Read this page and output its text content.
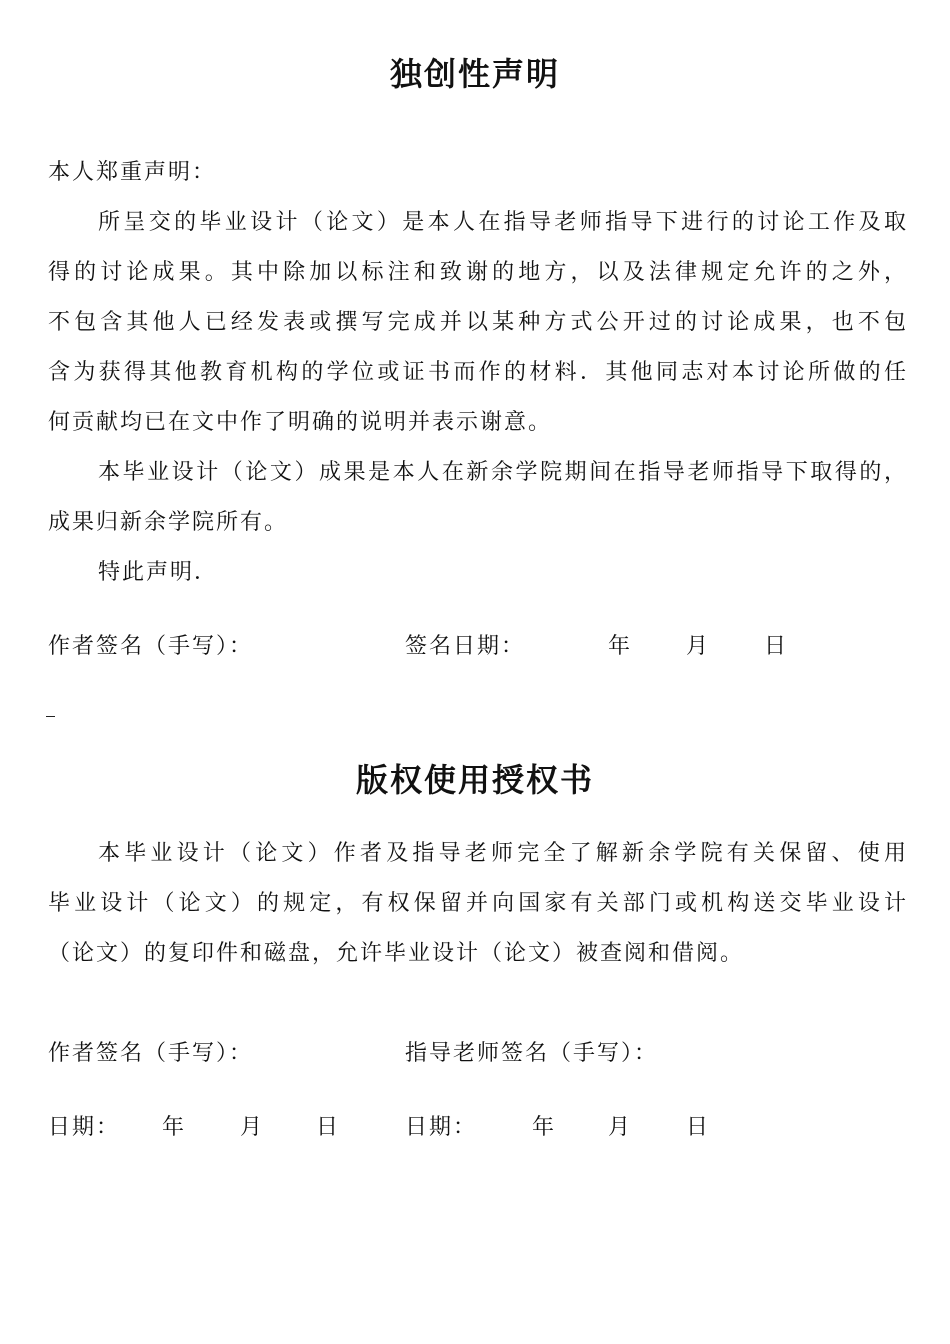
独创性声明
本人郑重声明：
所呈交的毕业设计（论文）是本人在指导老师指导下进行的讨论工作及取
得的讨论成果。其中除加以标注和致谢的地方，以及法律规定允许的之外，
不包含其他人已经发表或撰写完成并以某种方式公开过的讨论成果，也不包
含为获得其他教育机构的学位或证书而作的材料．其他同志对本讨论所做的任
何贡献均已在文中作了明确的说明并表示谢意。
本毕业设计（论文）成果是本人在新余学院期间在指导老师指导下取得的，
成果归新余学院所有。
特此声明．
作者签名（手写）：	签名日期：	年 月 日
版权使用授权书
本毕业设计（论文）作者及指导老师完全了解新余学院有关保留、使用
毕业设计（论文）的规定，有权保留并向国家有关部门或机构送交毕业设计
（论文）的复印件和磁盘，允许毕业设计（论文）被查阅和借阅。
作者签名（手写）：	指导老师签名（手写）：
日期： 年 月 日	日期： 年 月 日
